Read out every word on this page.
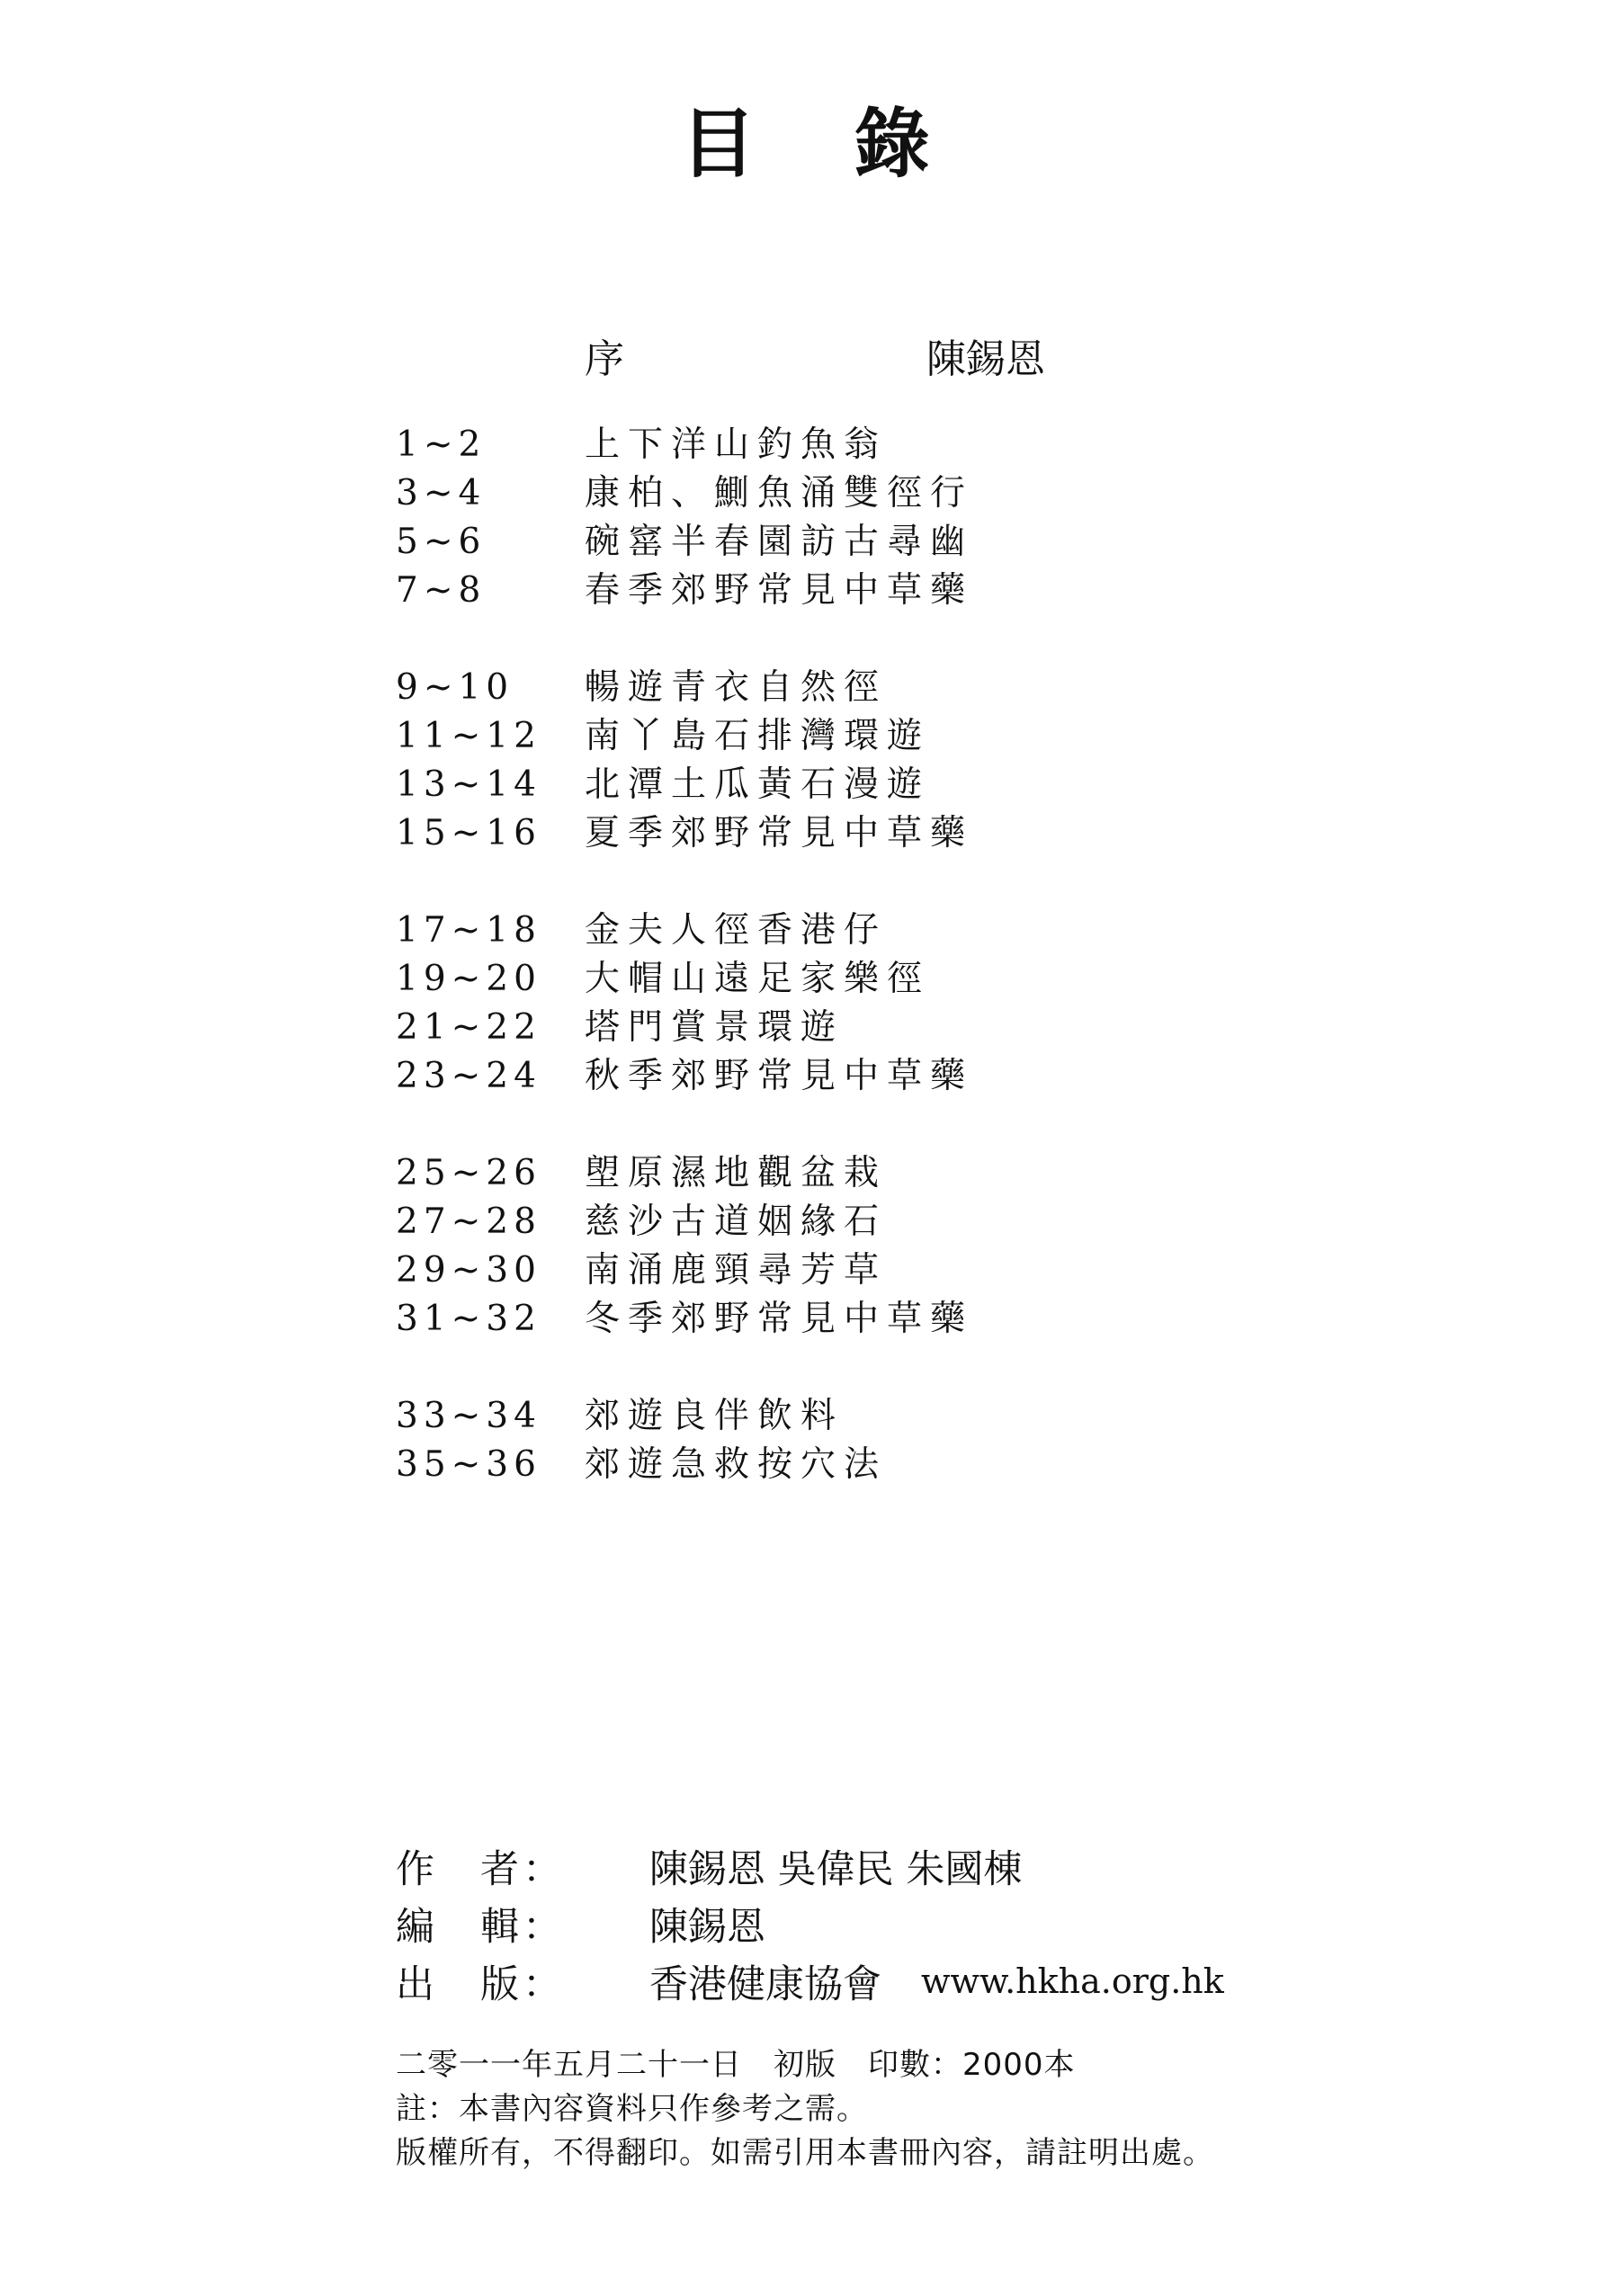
目 錄
序	陳錫恩
1~2	上下洋山釣魚翁
3~4	康柏、鰂魚涌雙徑行
5~6	碗窰半春園訪古尋幽
7~8	春季郊野常見中草藥
9~10	暢遊青衣自然徑
11~12	南丫島石排灣環遊
13~14	北潭土瓜黃石漫遊
15~16	夏季郊野常見中草藥
17~18	金夫人徑香港仔
19~20	大帽山遠足家樂徑
21~22	塔門賞景環遊
23~24	秋季郊野常見中草藥
25~26	塱原濕地觀盆栽
27~28	慈沙古道姻緣石
29~30	南涌鹿頸尋芳草
31~32	冬季郊野常見中草藥
33~34	郊遊良伴飲料
35~36	郊遊急救按穴法
作　者：	陳錫恩 吳偉民 朱國棟
編　輯：	陳錫恩
出　版：	香港健康協會 www.hkha.org.hk
二零一一年五月二十一日　初版　印數：2000本
註：本書內容資料只作參考之需。
版權所有，不得翻印。如需引用本書冊內容，請註明出處。
